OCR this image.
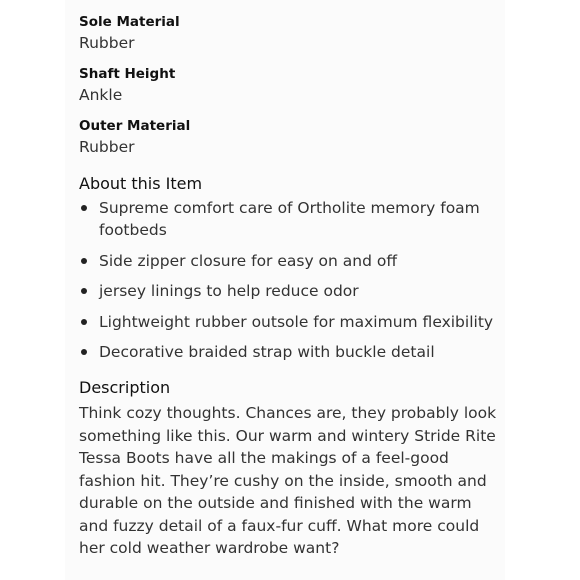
Sole Material
Rubber
Shaft Height
Ankle
Outer Material
Rubber
About this Item
Supreme comfort care of Ortholite memory foam footbeds
Side zipper closure for easy on and off
jersey linings to help reduce odor
Lightweight rubber outsole for maximum flexibility
Decorative braided strap with buckle detail
Description
Think cozy thoughts. Chances are, they probably look something like this. Our warm and wintery Stride Rite Tessa Boots have all the makings of a feel-good fashion hit. They’re cushy on the inside, smooth and durable on the outside and finished with the warm and fuzzy detail of a faux-fur cuff. What more could her cold weather wardrobe want?
